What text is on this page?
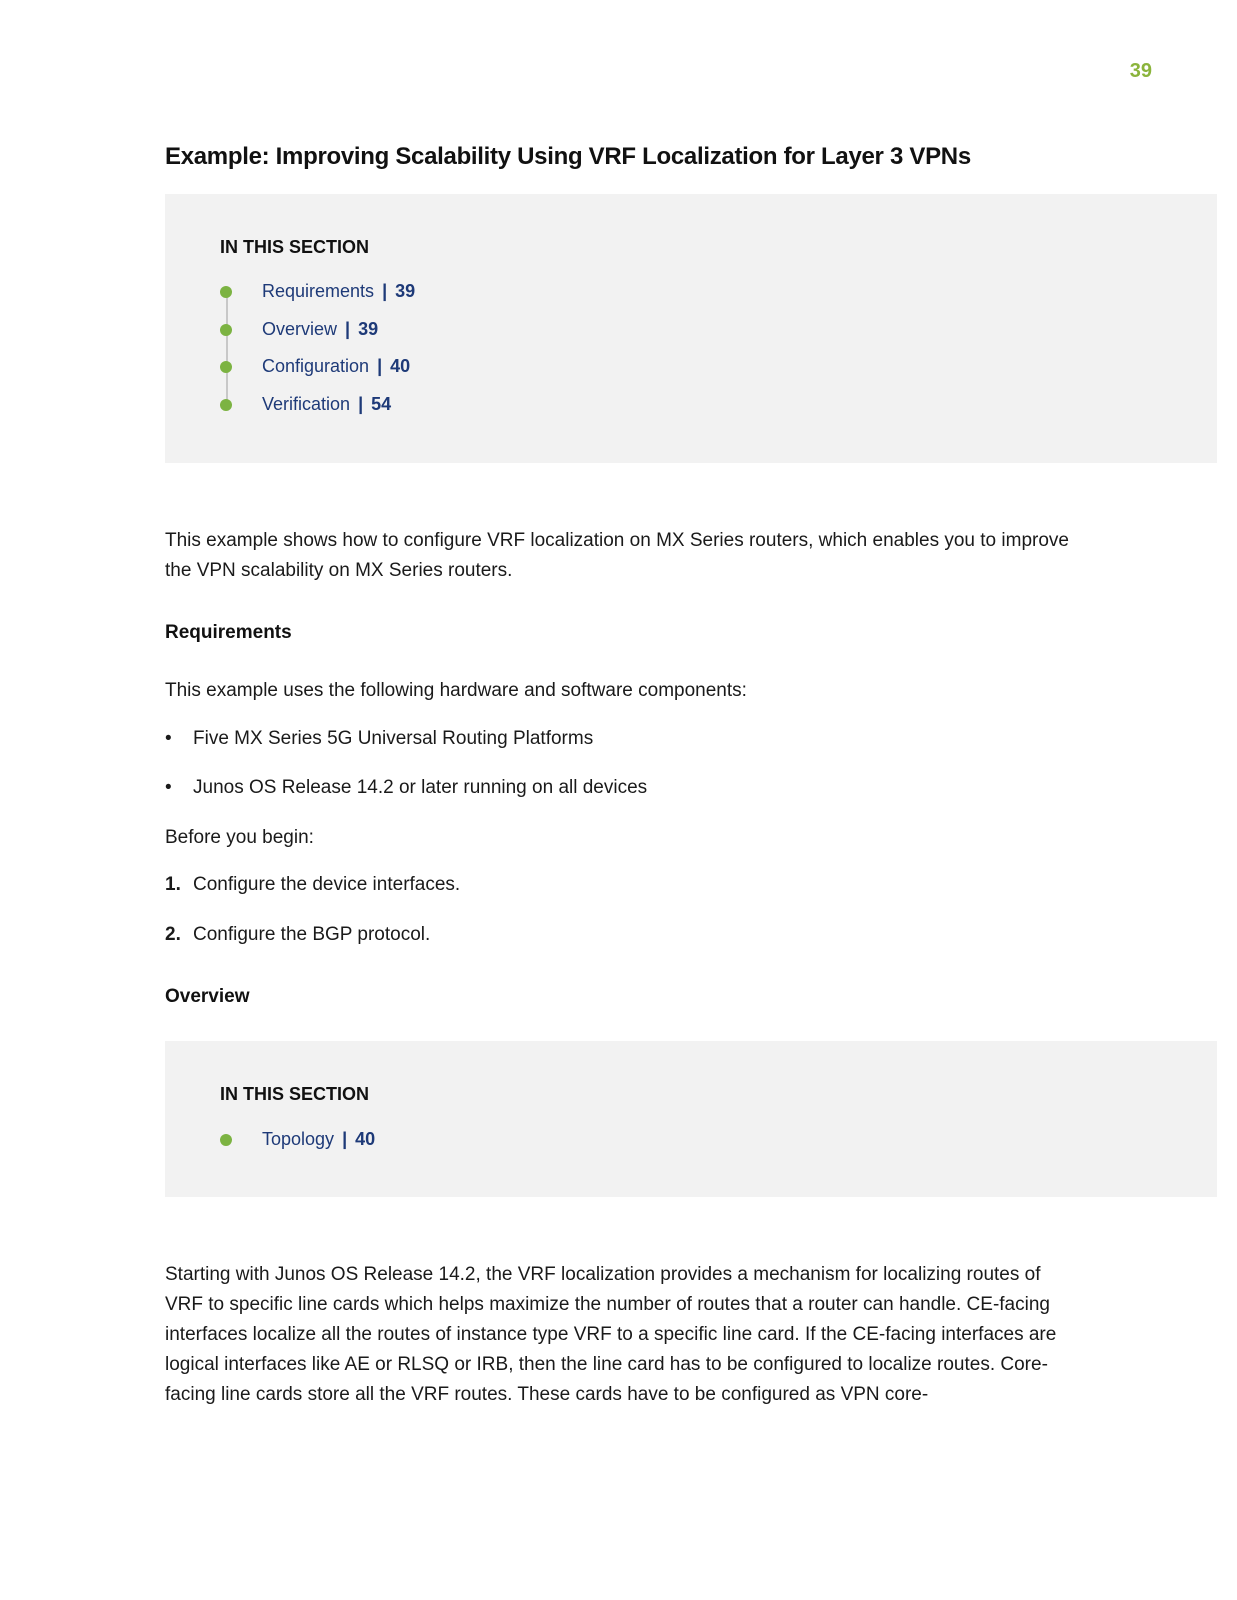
39
Example: Improving Scalability Using VRF Localization for Layer 3 VPNs
IN THIS SECTION
Requirements | 39
Overview | 39
Configuration | 40
Verification | 54

This example shows how to configure VRF localization on MX Series routers, which enables you to improve the VPN scalability on MX Series routers.

Requirements

This example uses the following hardware and software components:

• Five MX Series 5G Universal Routing Platforms
• Junos OS Release 14.2 or later running on all devices

Before you begin:

1. Configure the device interfaces.
2. Configure the BGP protocol.
Overview
IN THIS SECTION
Topology | 40

Starting with Junos OS Release 14.2, the VRF localization provides a mechanism for localizing routes of VRF to specific line cards which helps maximize the number of routes that a router can handle. CE-facing interfaces localize all the routes of instance type VRF to a specific line card. If the CE-facing interfaces are logical interfaces like AE or RLSQ or IRB, then the line card has to be configured to localize routes. Core-facing line cards store all the VRF routes. These cards have to be configured as VPN core-
